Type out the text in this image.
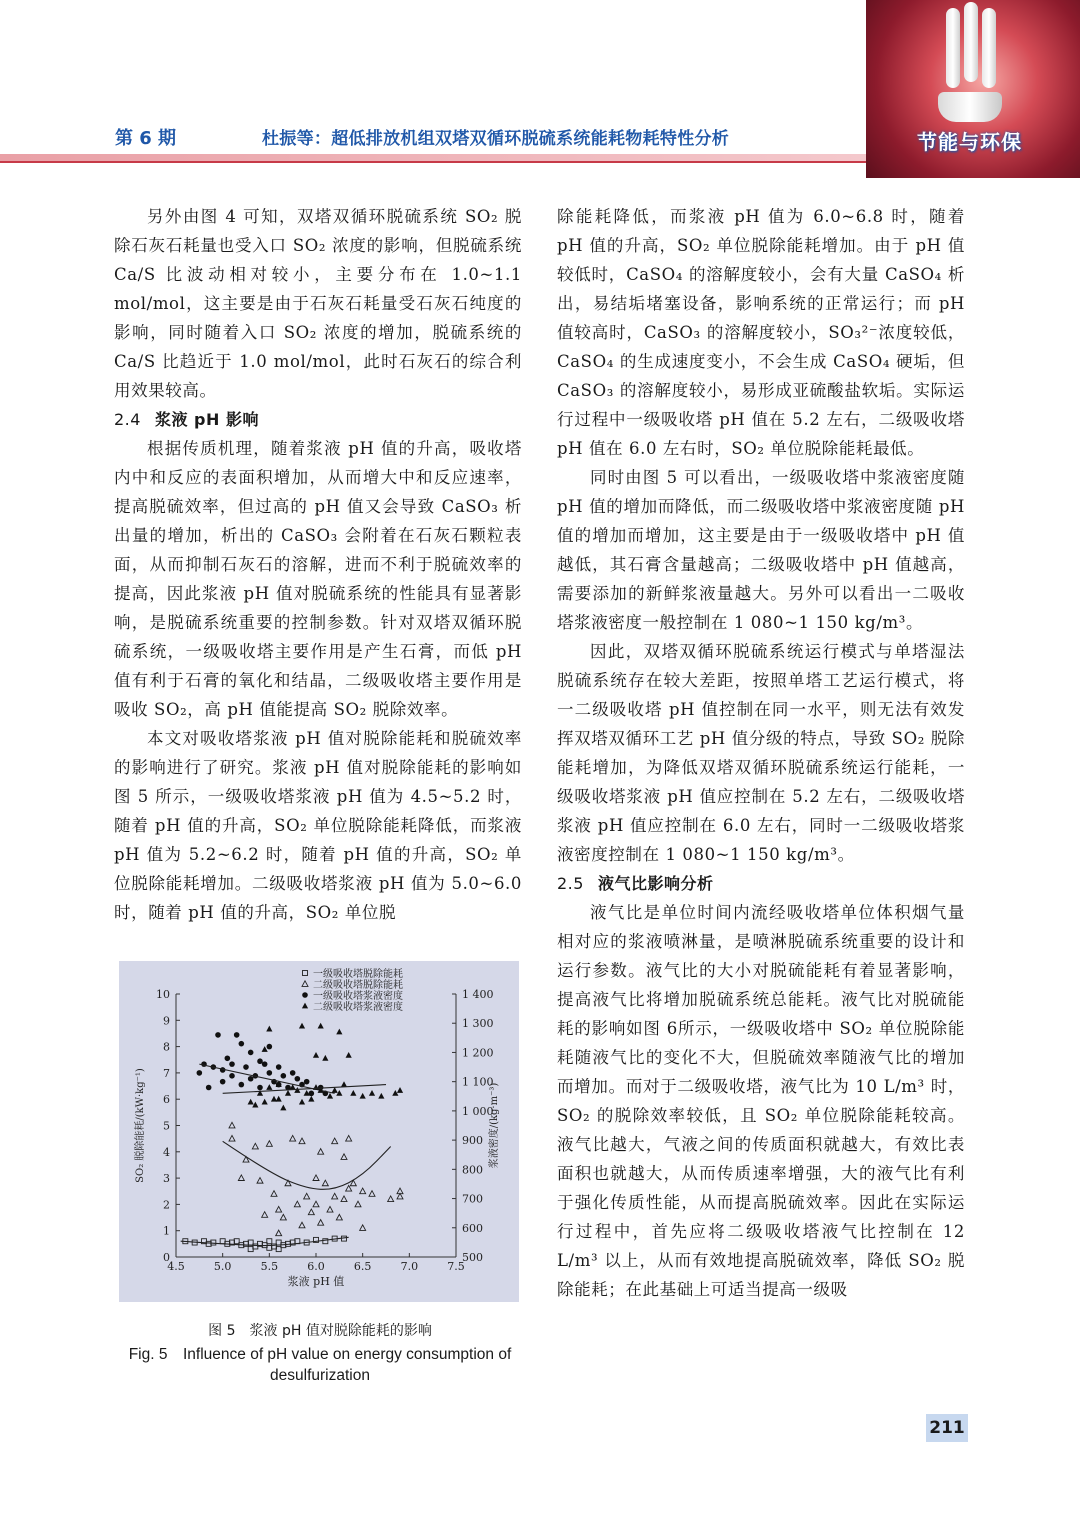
第 6 期	杜振等：超低排放机组双塔双循环脱硫系统能耗物耗特性分析	节能与环保

另外由图 4 可知，双塔双循环脱硫系统 SO₂ 脱除石灰石耗量也受入口 SO₂ 浓度的影响，但脱硫系统 Ca/S 比波动相对较小，主要分布在 1.0~1.1 mol/mol，这主要是由于石灰石耗量受石灰石纯度的影响，同时随着入口 SO₂ 浓度的增加，脱硫系统的 Ca/S 比趋近于 1.0 mol/mol，此时石灰石的综合利用效果较高。

2.4 浆液 pH 影响

根据传质机理，随着浆液 pH 值的升高，吸收塔内中和反应的表面积增加，从而增大中和反应速率，提高脱硫效率，但过高的 pH 值又会导致 CaSO₃ 析出量的增加，析出的 CaSO₃ 会附着在石灰石颗粒表面，从而抑制石灰石的溶解，进而不利于脱硫效率的提高，因此浆液 pH 值对脱硫系统的性能具有显著影响，是脱硫系统重要的控制参数。针对双塔双循环脱硫系统，一级吸收塔主要作用是产生石膏，而低 pH 值有利于石膏的氧化和结晶，二级吸收塔主要作用是吸收 SO₂，高 pH 值能提高 SO₂ 脱除效率。

本文对吸收塔浆液 pH 值对脱除能耗和脱硫效率的影响进行了研究。浆液 pH 值对脱除能耗的影响如图 5 所示，一级吸收塔浆液 pH 值为 4.5~5.2 时，随着 pH 值的升高，SO₂ 单位脱除能耗降低，而浆液 pH 值为 5.2~6.2 时，随着 pH 值的升高，SO₂ 单位脱除能耗增加。二级吸收塔浆液 pH 值为 5.0~6.0 时，随着 pH 值的升高，SO₂ 单位脱

除能耗降低，而浆液 pH 值为 6.0~6.8 时，随着 pH 值的升高，SO₂ 单位脱除能耗增加。由于 pH 值较低时，CaSO₄ 的溶解度较小，会有大量 CaSO₄ 析出，易结垢堵塞设备，影响系统的正常运行；而 pH 值较高时，CaSO₃ 的溶解度较小，SO₃²⁻浓度较低，CaSO₄ 的生成速度变小，不会生成 CaSO₄ 硬垢，但 CaSO₃ 的溶解度较小，易形成亚硫酸盐软垢。实际运行过程中一级吸收塔 pH 值在 5.2 左右，二级吸收塔 pH 值在 6.0 左右时，SO₂ 单位脱除能耗最低。

同时由图 5 可以看出，一级吸收塔中浆液密度随 pH 值的增加而降低，而二级吸收塔中浆液密度随 pH 值的增加而增加，这主要是由于一级吸收塔中 pH 值越低，其石膏含量越高；二级吸收塔中 pH 值越高，需要添加的新鲜浆液量越大。另外可以看出一二吸收塔浆液密度一般控制在 1 080~1 150 kg/m³。

因此，双塔双循环脱硫系统运行模式与单塔湿法脱硫系统存在较大差距，按照单塔工艺运行模式，将一二级吸收塔 pH 值控制在同一水平，则无法有效发挥双塔双循环工艺 pH 值分级的特点，导致 SO₂ 脱除能耗增加，为降低双塔双循环脱硫系统运行能耗，一级吸收塔浆液 pH 值应控制在 5.2 左右，二级吸收塔浆液 pH 值应控制在 6.0 左右，同时一二级吸收塔浆液密度控制在 1 080~1 150 kg/m³。

2.5 液气比影响分析

液气比是单位时间内流经吸收塔单位体积烟气量相对应的浆液喷淋量，是喷淋脱硫系统重要的设计和运行参数。液气比的大小对脱硫能耗有着显著影响，提高液气比将增加脱硫系统总能耗。液气比对脱硫能耗的影响如图 6所示，一级吸收塔中 SO₂ 单位脱除能耗随液气比的变化不大，但脱硫效率随液气比的增加而增加。而对于二级吸收塔，液气比为 10 L/m³ 时，SO₂ 的脱除效率较低，且 SO₂ 单位脱除能耗较高。液气比越大，气液之间的传质面积就越大，有效比表面积也就越大，从而传质速率增强，大的液气比有利于强化传质性能，从而提高脱硫效率。因此在实际运行过程中，首先应将二级吸收塔液气比控制在 12 L/m³ 以上，从而有效地提高脱硫效率，降低 SO₂ 脱除能耗；在此基础上可适当提高一级吸

4.5	5.0	5.5	6.0	6.5	7.0	7.5
0
1
2
3
4
5
6
7
8
9
10
500
600
700
800
900
1 000
1 100
1 200
1 300
1 400
浆液 pH 值
SO₂ 脱除能耗/(kW·kg⁻¹)	浆液密度/(kg·m⁻³)
一级吸收塔脱除能耗
二级吸收塔脱除能耗
一级吸收塔浆液密度
二级吸收塔浆液密度
图 5　浆液 pH 值对脱除能耗的影响
Fig. 5　Influence of pH value on energy consumption of desulfurization
211
